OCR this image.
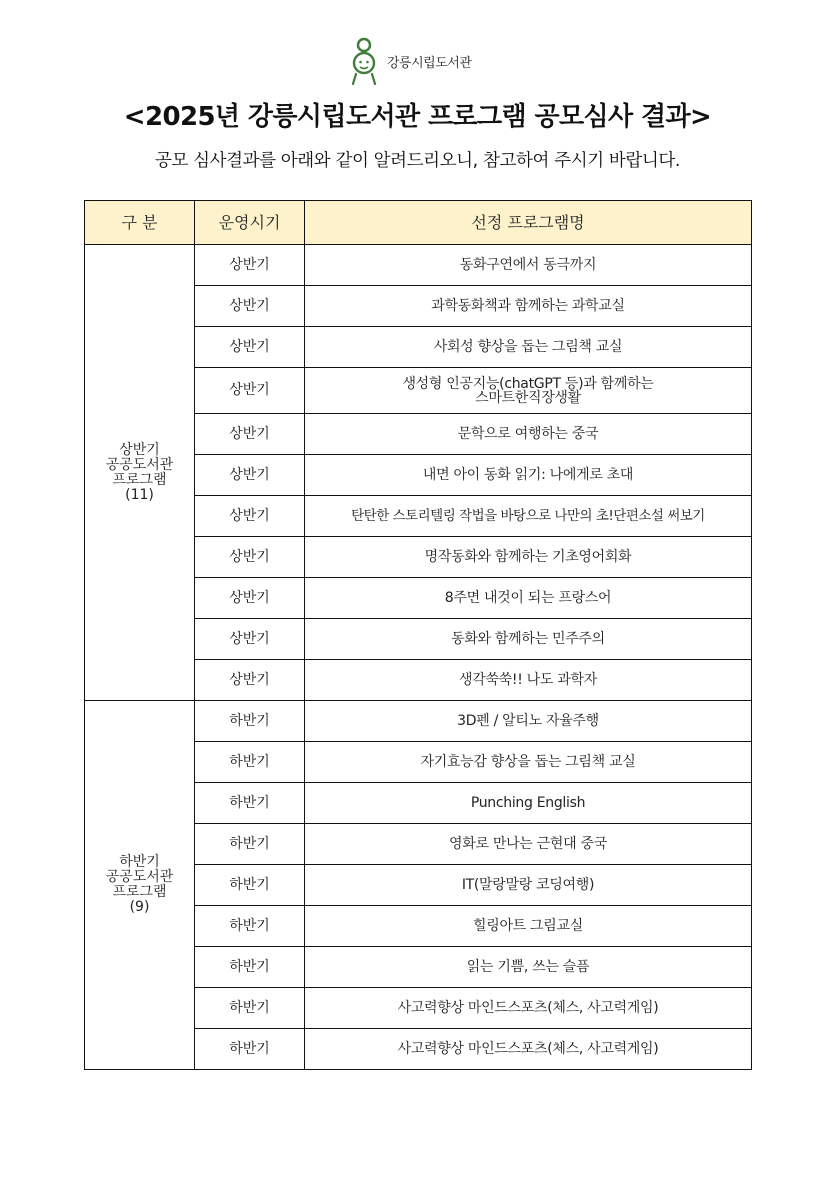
강릉시립도서관
<2025년 강릉시립도서관 프로그램 공모심사 결과>
공모 심사결과를 아래와 같이 알려드리오니, 참고하여 주시기 바랍니다.
구 분	운영시기	선정 프로그램명

상반기
공공도서관
프로그램
(11)	상반기	동화구연에서 동극까지
	상반기	과학동화책과 함께하는 과학교실
	상반기	사회성 향상을 돕는 그림책 교실
	상반기	생성형 인공지능(chatGPT 등)과 함께하는 스마트한직장생활
	상반기	문학으로 여행하는 중국
	상반기	내면 아이 동화 읽기: 나에게로 초대
	상반기	탄탄한 스토리텔링 작법을 바탕으로 나만의 초!단편소설 써보기
	상반기	명작동화와 함께하는 기초영어회화
	상반기	8주면 내것이 되는 프랑스어
	상반기	동화와 함께하는 민주주의
	상반기	생각쑥쑥!! 나도 과학자

하반기
공공도서관
프로그램
(9)	하반기	3D펜 / 알티노 자율주행
	하반기	자기효능감 향상을 돕는 그림책 교실
	하반기	Punching English
	하반기	영화로 만나는 근현대 중국
	하반기	IT(말랑말랑 코딩여행)
	하반기	힐링아트 그림교실
	하반기	읽는 기쁨, 쓰는 슬픔
	하반기	사고력향상 마인드스포츠(체스, 사고력게임)
	하반기	사고력향상 마인드스포츠(체스, 사고력게임)
